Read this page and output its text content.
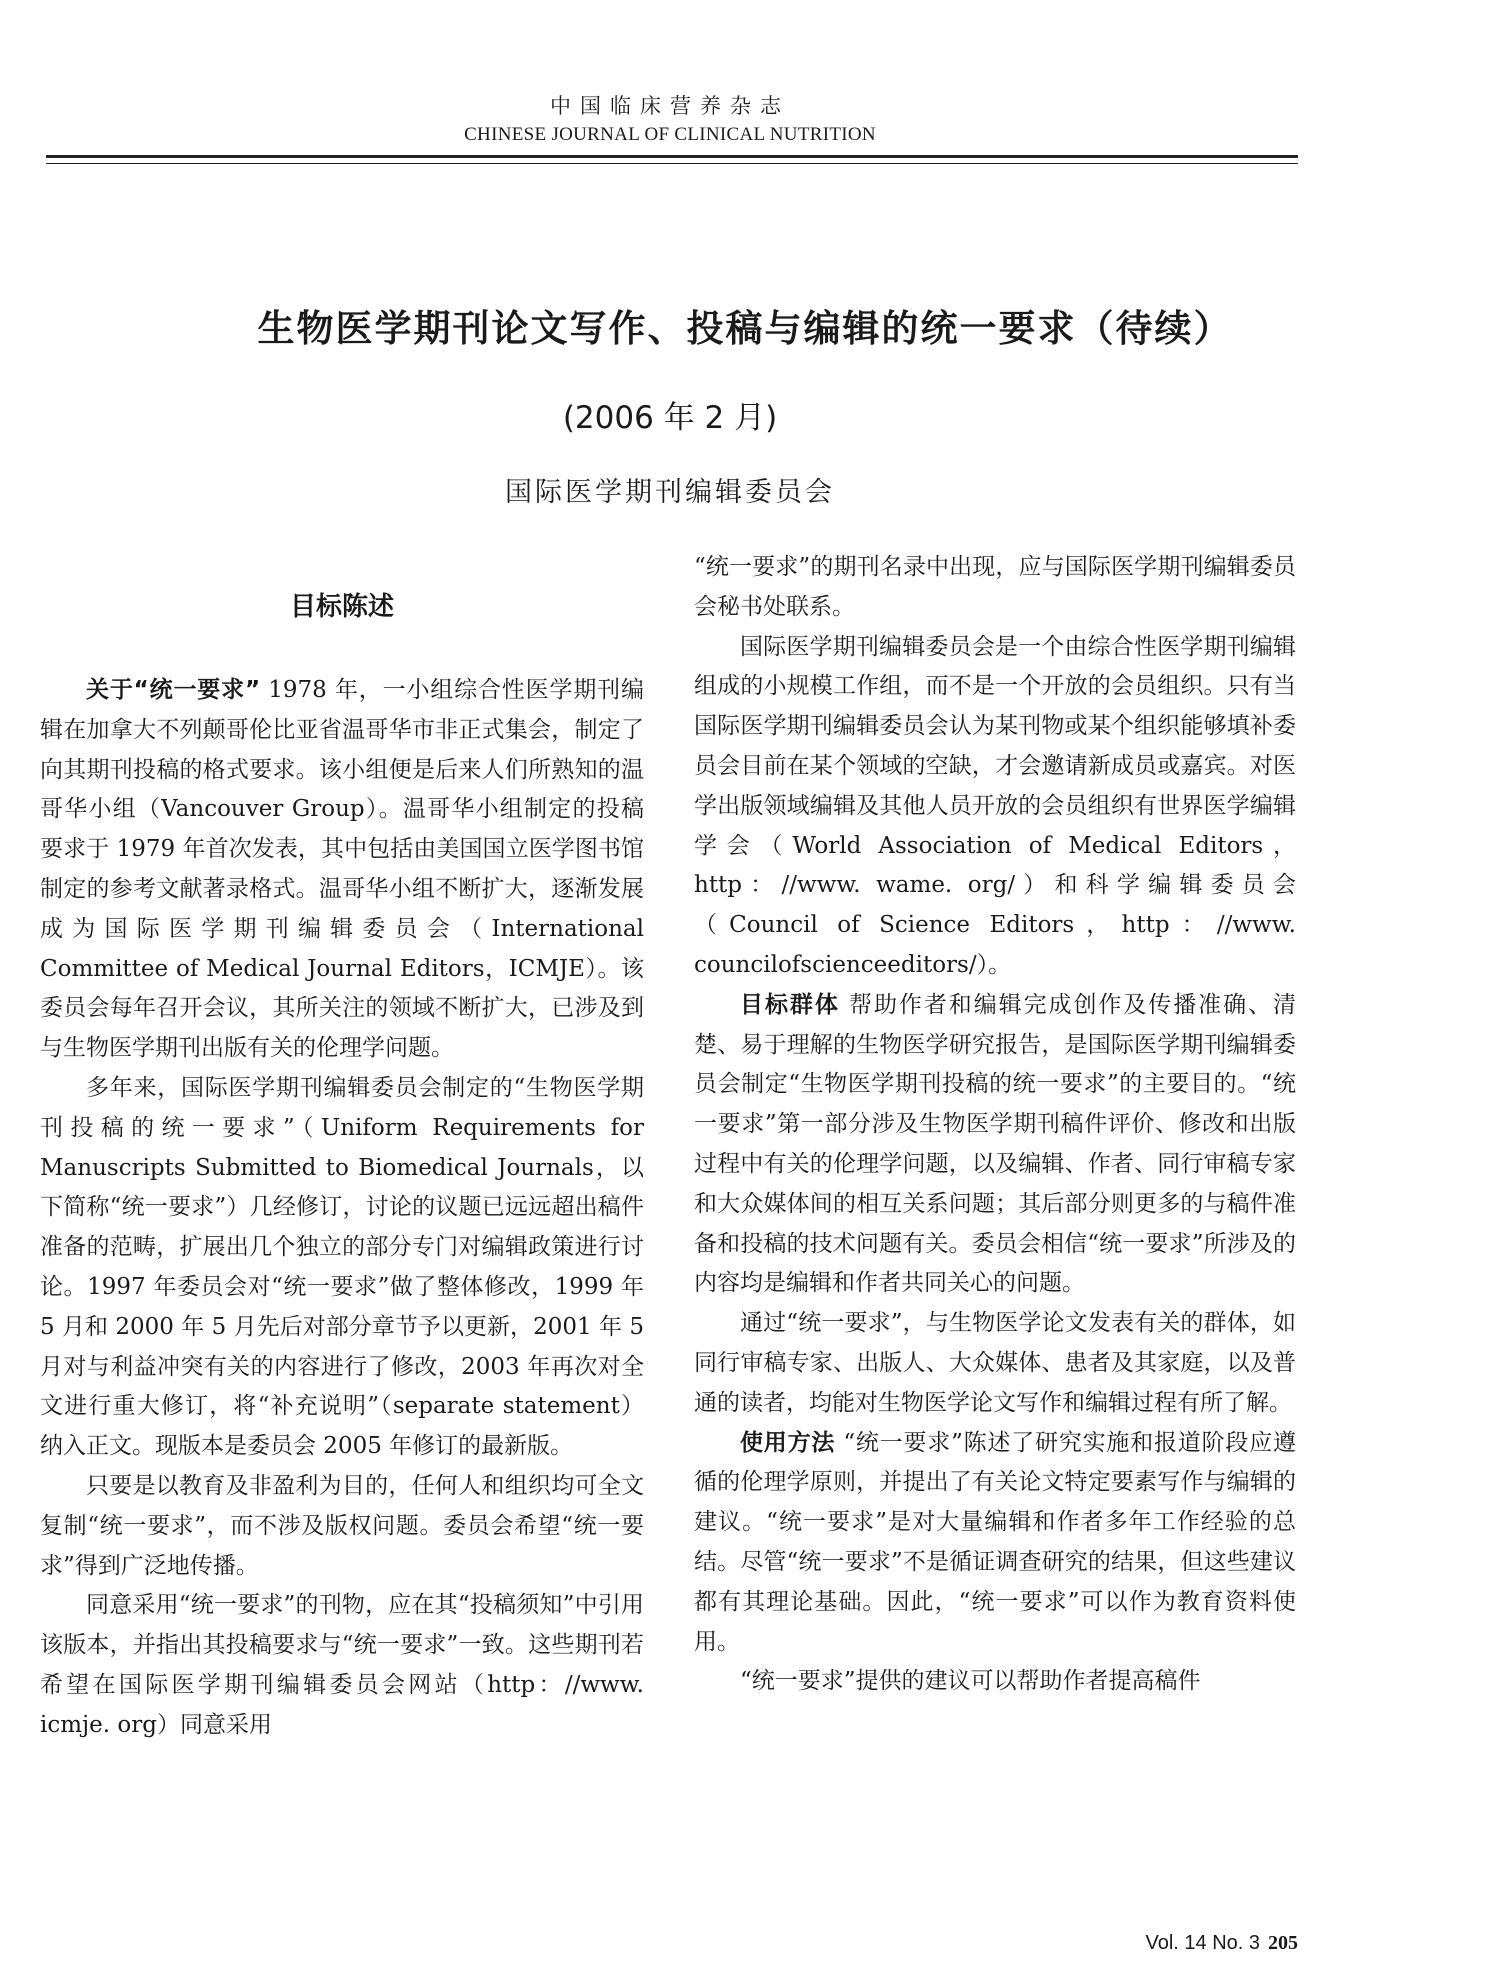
中国临床营养杂志
CHINESE JOURNAL OF CLINICAL NUTRITION
生物医学期刊论文写作、投稿与编辑的统一要求（待续）
(2006 年 2 月)
国际医学期刊编辑委员会
目标陈述

关于“统一要求” 1978 年，一小组综合性医学期刊编辑在加拿大不列颠哥伦比亚省温哥华市非正式集会，制定了向其期刊投稿的格式要求。该小组便是后来人们所熟知的温哥华小组（Vancouver Group）。温哥华小组制定的投稿要求于 1979 年首次发表，其中包括由美国国立医学图书馆制定的参考文献著录格式。温哥华小组不断扩大，逐渐发展成为国际医学期刊编辑委员会（International Committee of Medical Journal Editors，ICMJE）。该委员会每年召开会议，其所关注的领域不断扩大，已涉及到与生物医学期刊出版有关的伦理学问题。

多年来，国际医学期刊编辑委员会制定的“生物医学期刊投稿的统一要求”（Uniform Requirements for Manuscripts Submitted to Biomedical Journals，以下简称“统一要求”）几经修订，讨论的议题已远远超出稿件准备的范畴，扩展出几个独立的部分专门对编辑政策进行讨论。1997 年委员会对“统一要求”做了整体修改，1999 年 5 月和 2000 年 5 月先后对部分章节予以更新，2001 年 5 月对与利益冲突有关的内容进行了修改，2003 年再次对全文进行重大修订，将“补充说明”（separate statement）纳入正文。现版本是委员会 2005 年修订的最新版。

只要是以教育及非盈利为目的，任何人和组织均可全文复制“统一要求”，而不涉及版权问题。委员会希望“统一要求”得到广泛地传播。

同意采用“统一要求”的刊物，应在其“投稿须知”中引用该版本，并指出其投稿要求与“统一要求”一致。这些期刊若希望在国际医学期刊编辑委员会网站（http：//www. icmje. org）同意采用

“统一要求”的期刊名录中出现，应与国际医学期刊编辑委员会秘书处联系。

国际医学期刊编辑委员会是一个由综合性医学期刊编辑组成的小规模工作组，而不是一个开放的会员组织。只有当国际医学期刊编辑委员会认为某刊物或某个组织能够填补委员会目前在某个领域的空缺，才会邀请新成员或嘉宾。对医学出版领域编辑及其他人员开放的会员组织有世界医学编辑学会（World Association of Medical Editors，http：//www. wame. org/）和科学编辑委员会（Council of Science Editors，http：//www. councilofscienceeditors/）。

目标群体 帮助作者和编辑完成创作及传播准确、清楚、易于理解的生物医学研究报告，是国际医学期刊编辑委员会制定“生物医学期刊投稿的统一要求”的主要目的。“统一要求”第一部分涉及生物医学期刊稿件评价、修改和出版过程中有关的伦理学问题，以及编辑、作者、同行审稿专家和大众媒体间的相互关系问题；其后部分则更多的与稿件准备和投稿的技术问题有关。委员会相信“统一要求”所涉及的内容均是编辑和作者共同关心的问题。

通过“统一要求”，与生物医学论文发表有关的群体，如同行审稿专家、出版人、大众媒体、患者及其家庭，以及普通的读者，均能对生物医学论文写作和编辑过程有所了解。

使用方法 “统一要求”陈述了研究实施和报道阶段应遵循的伦理学原则，并提出了有关论文特定要素写作与编辑的建议。“统一要求”是对大量编辑和作者多年工作经验的总结。尽管“统一要求”不是循证调查研究的结果，但这些建议都有其理论基础。因此，“统一要求”可以作为教育资料使用。

“统一要求”提供的建议可以帮助作者提高稿件

Vol. 14 No. 3 205
